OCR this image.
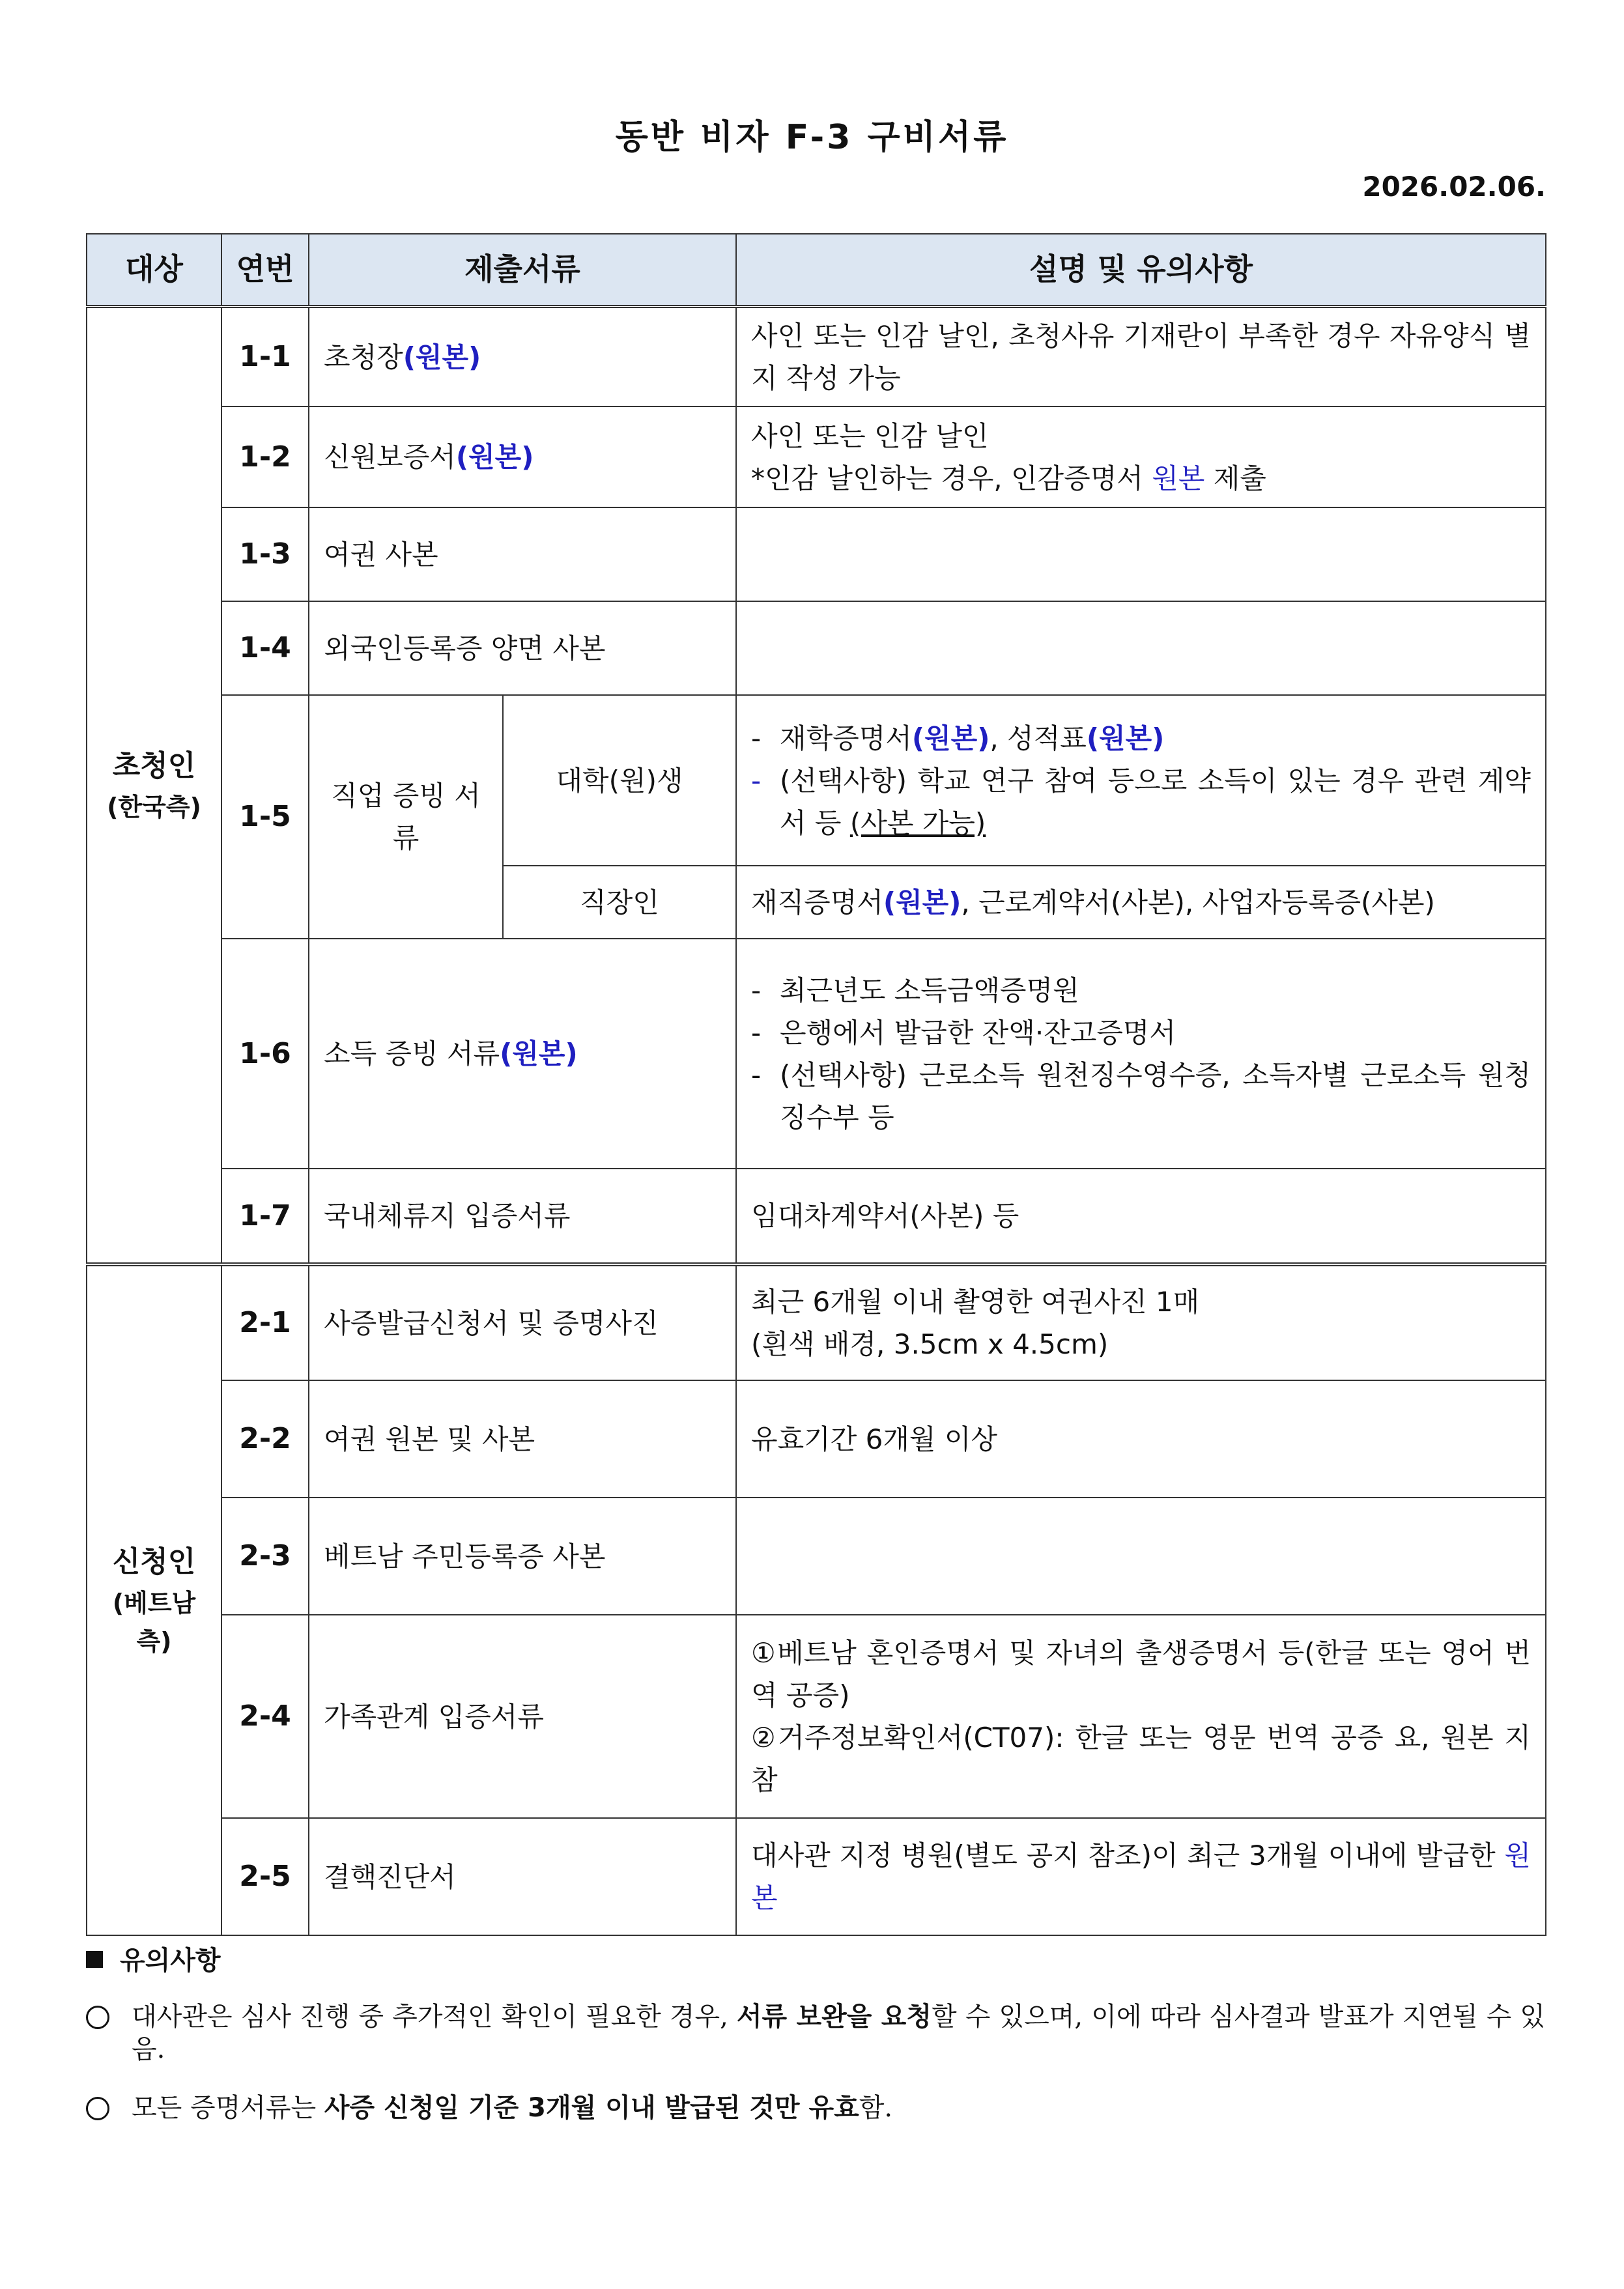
동반 비자 F-3 구비서류
2026.02.06.
대상	연번	제출서류		설명 및 유의사항
초청인
(한국측)	1-1	초청장(원본)		사인 또는 인감 날인, 초청사유 기재란이 부족한 경우 자유양식 별지 작성 가능
	1-2	신원보증서(원본)		사인 또는 인감 날인
*인감 날인하는 경우, 인감증명서 원본 제출
	1-3	여권 사본		
	1-4	외국인등록증 양면 사본		
	1-5	직업 증빙 서류	대학(원)생	- 재학증명서(원본), 성적표(원본)
- (선택사항) 학교 연구 참여 등으로 소득이 있는 경우 관련 계약서 등 (사본 가능)

			직장인	재직증명서(원본), 근로계약서(사본), 사업자등록증(사본)
	1-6	소득 증빙 서류(원본)		- 최근년도 소득금액증명원
- 은행에서 발급한 잔액·잔고증명서
- (선택사항) 근로소득 원천징수영수증, 소득자별 근로소득 원청징수부 등

	1-7	국내체류지 입증서류		임대차계약서(사본) 등
신청인
(베트남측)	2-1	사증발급신청서 및 증명사진		최근 6개월 이내 촬영한 여권사진 1매
(흰색 배경, 3.5cm x 4.5cm)
	2-2	여권 원본 및 사본		유효기간 6개월 이상
	2-3	베트남 주민등록증 사본		
	2-4	가족관계 입증서류		①베트남 혼인증명서 및 자녀의 출생증명서 등(한글 또는 영어 번역 공증)
②거주정보확인서(CT07): 한글 또는 영문 번역 공증 요, 원본 지참

	2-5	결핵진단서		대사관 지정 병원(별도 공지 참조)이 최근 3개월 이내에 발급한 원본
유의사항
대사관은 심사 진행 중 추가적인 확인이 필요한 경우, 서류 보완을 요청할 수 있으며, 이에 따라 심사결과 발표가 지연될 수 있음.
모든 증명서류는 사증 신청일 기준 3개월 이내 발급된 것만 유효함.
